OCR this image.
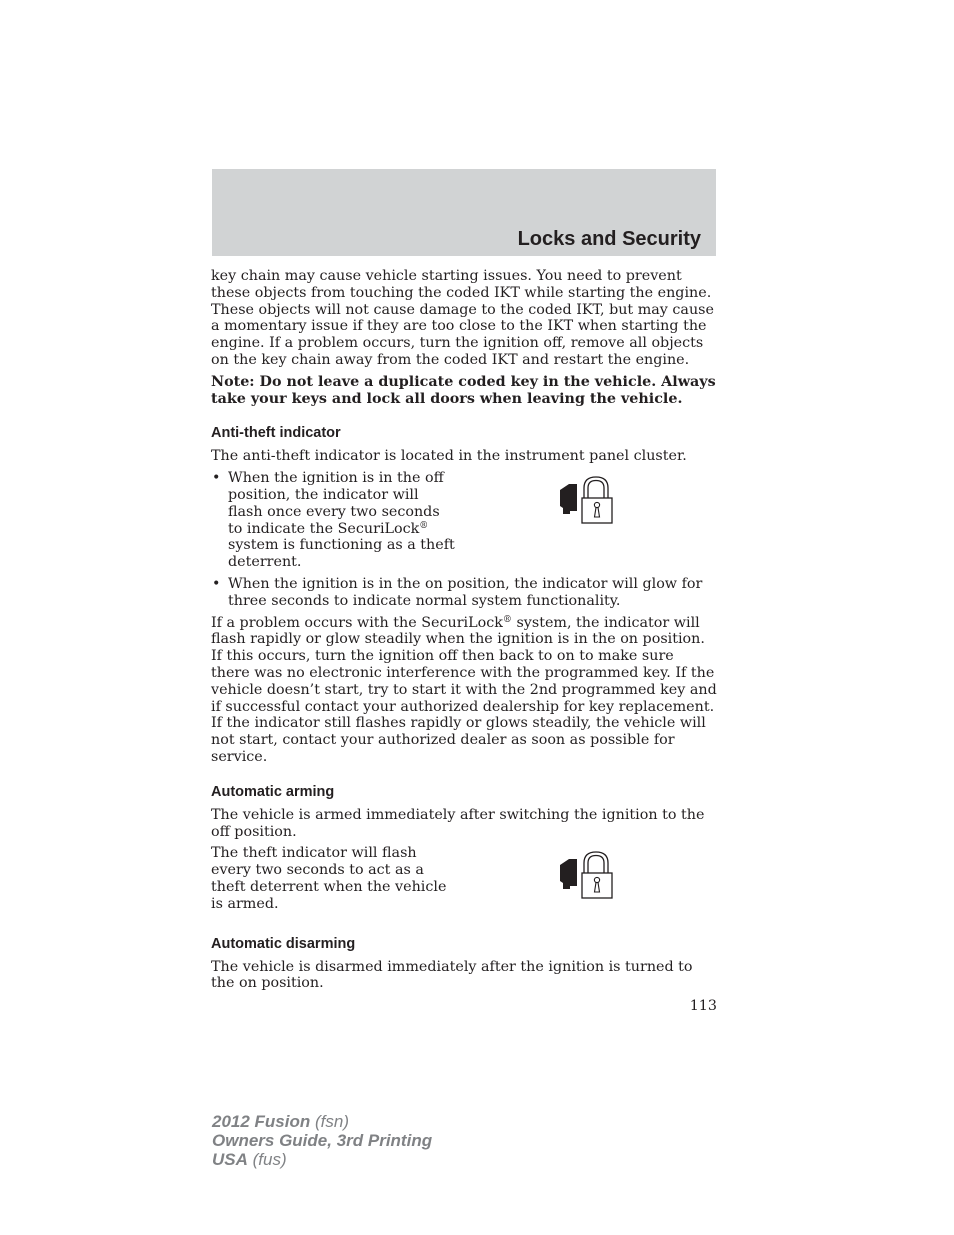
Locks and Security

key chain may cause vehicle starting issues. You need to prevent these objects from touching the coded IKT while starting the engine. These objects will not cause damage to the coded IKT, but may cause a momentary issue if they are too close to the IKT when starting the engine. If a problem occurs, turn the ignition off, remove all objects on the key chain away from the coded IKT and restart the engine.

Note: Do not leave a duplicate coded key in the vehicle. Always take your keys and lock all doors when leaving the vehicle.

Anti-theft indicator

The anti-theft indicator is located in the instrument panel cluster.

• When the ignition is in the off position, the indicator will flash once every two seconds to indicate the SecuriLock® system is functioning as a theft deterrent.
• When the ignition is in the on position, the indicator will glow for three seconds to indicate normal system functionality.

If a problem occurs with the SecuriLock® system, the indicator will flash rapidly or glow steadily when the ignition is in the on position. If this occurs, turn the ignition off then back to on to make sure there was no electronic interference with the programmed key. If the vehicle doesn’t start, try to start it with the 2nd programmed key and if successful contact your authorized dealership for key replacement. If the indicator still flashes rapidly or glows steadily, the vehicle will not start, contact your authorized dealer as soon as possible for service.

Automatic arming

The vehicle is armed immediately after switching the ignition to the off position.

The theft indicator will flash every two seconds to act as a theft deterrent when the vehicle is armed.

Automatic disarming

The vehicle is disarmed immediately after the ignition is turned to the on position.

113
2012 Fusion (fsn)
Owners Guide, 3rd Printing
USA (fus)
